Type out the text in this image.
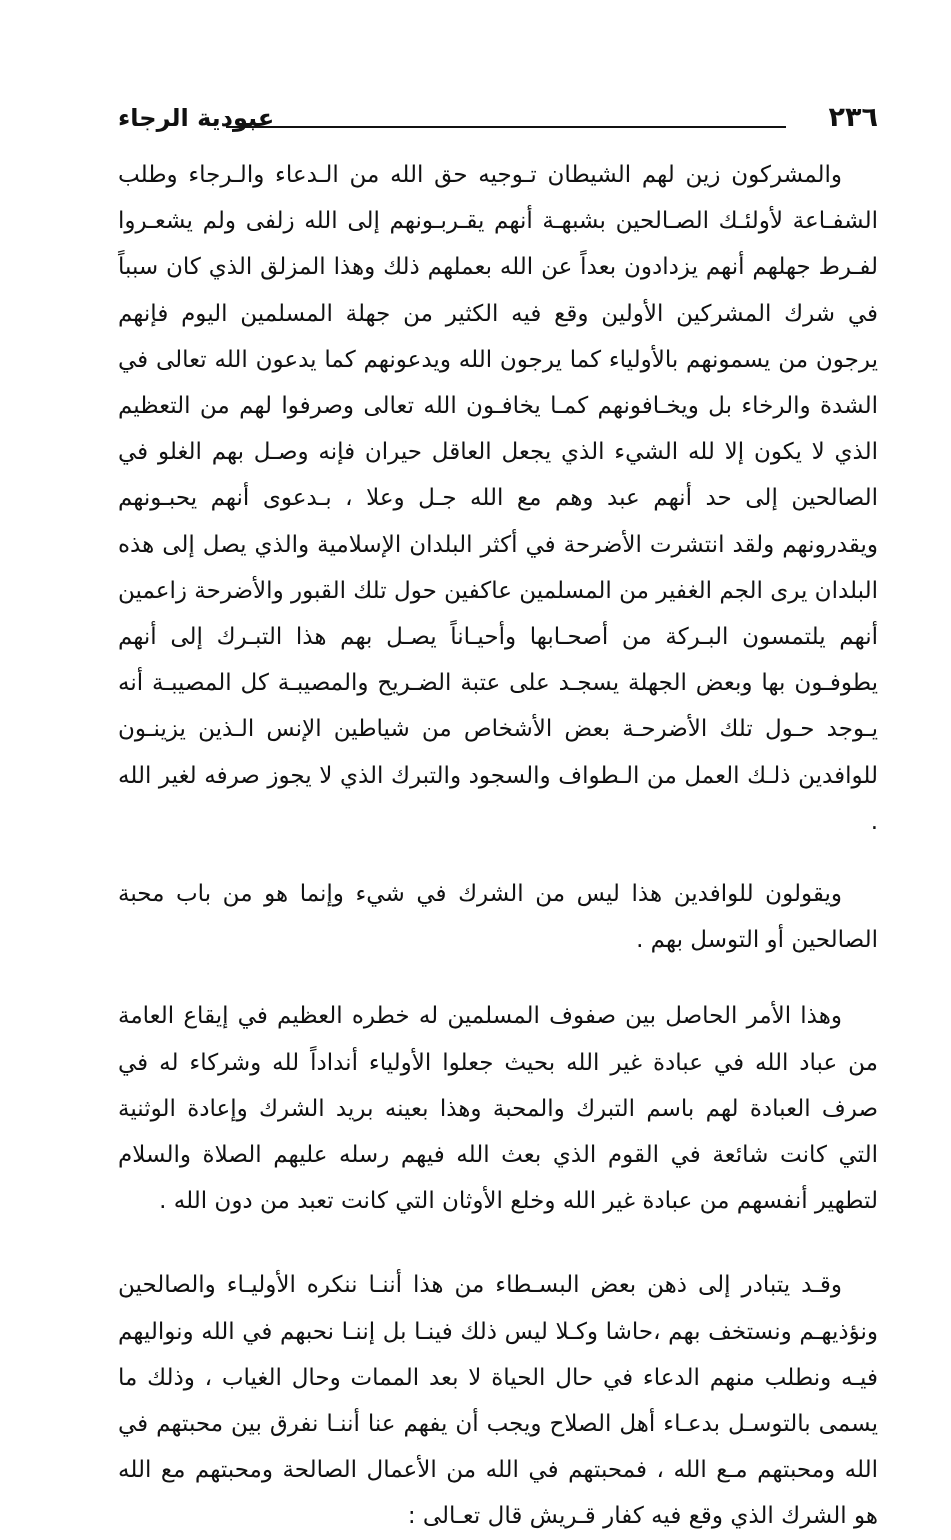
٢٣٦
عبودية الرجاء

والمشركون زين لهم الشيطان تـوجيه حق الله من الـدعاء والـرجاء وطلب الشفـاعة لأولئـك الصـالحين بشبهـة أنهم يقـربـونهم إلى الله زلفى ولم يشعـروا لفـرط جهلهم أنهم يزدادون بعداً عن الله بعملهم ذلك وهذا المزلق الذي كان سبباً في شرك المشركين الأولين وقع فيه الكثير من جهلة المسلمين اليوم فإنهم يرجون من يسمونهم بالأولياء كما يرجون الله ويدعونهم كما يدعون الله تعالى في الشدة والرخاء بل ويخـافونهم كمـا يخافـون الله تعالى وصرفوا لهم من التعظيم الذي لا يكون إلا لله الشيء الذي يجعل العاقل حيران فإنه وصـل بهم الغلو في الصالحين إلى حد أنهم عبد وهم مع الله جـل وعلا ، بـدعوى أنهم يحبـونهم ويقدرونهم ولقد انتشرت الأضرحة في أكثر البلدان الإسلامية والذي يصل إلى هذه البلدان يرى الجم الغفير من المسلمين عاكفين حول تلك القبور والأضرحة زاعمين أنهم يلتمسون البـركة من أصحـابها وأحيـاناً يصـل بهم هذا التبـرك إلى أنهم يطوفـون بها وبعض الجهلة يسجـد على عتبة الضـريح والمصيبـة كل المصيبـة أنه يـوجد حـول تلك الأضرحـة بعض الأشخاص من شياطين الإنس الـذين يزينـون للوافدين ذلـك العمل من الـطواف والسجود والتبرك الذي لا يجوز صرفه لغير الله .

ويقولون للوافدين هذا ليس من الشرك في شيء وإنما هو من باب محبة الصالحين أو التوسل بهم .

وهذا الأمر الحاصل بين صفوف المسلمين له خطره العظيم في إيقاع العامة من عباد الله في عبادة غير الله بحيث جعلوا الأولياء أنداداً لله وشركاء له في صرف العبادة لهم باسم التبرك والمحبة وهذا بعينه بريد الشرك وإعادة الوثنية التي كانت شائعة في القوم الذي بعث الله فيهم رسله عليهم الصلاة والسلام لتطهير أنفسهم من عبادة غير الله وخلع الأوثان التي كانت تعبد من دون الله .

وقـد يتبادر إلى ذهن بعض البسـطاء من هذا أننـا ننكره الأوليـاء والصالحين ونؤذيهـم ونستخف بهم ،حاشا وكـلا ليس ذلك فينـا بل إننـا نحبهم في الله ونواليهم فيـه ونطلب منهم الدعاء في حال الحياة لا بعد الممات وحال الغياب ، وذلك ما يسمى بالتوسـل بدعـاء أهل الصلاح ويجب أن يفهم عنا أننـا نفرق بين محبتهم في الله ومحبتهم مـع الله ، فمحبتهم في الله من الأعمال الصالحة ومحبتهم مع الله هو الشرك الذي وقع فيه كفار قـريش قال تعـالى :
